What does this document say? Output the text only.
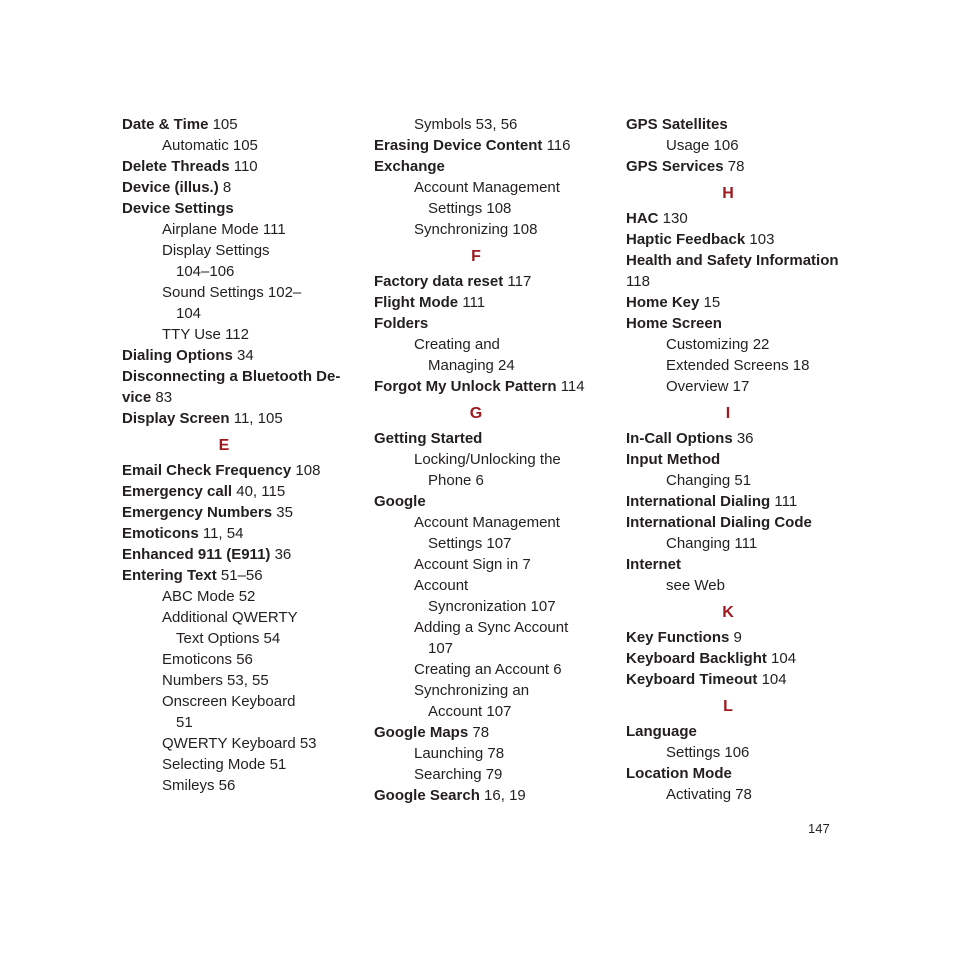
Date & Time 105
Automatic 105
Delete Threads 110
Device (illus.) 8
Device Settings
Airplane Mode 111
Display Settings
104–106
Sound Settings 102–
104
TTY Use 112
Dialing Options 34
Disconnecting a Bluetooth De-
vice 83
Display Screen 11, 105
E
Email Check Frequency 108
Emergency call 40, 115
Emergency Numbers 35
Emoticons 11, 54
Enhanced 911 (E911) 36
Entering Text 51–56
ABC Mode 52
Additional QWERTY
Text Options 54
Emoticons 56
Numbers 53, 55
Onscreen Keyboard
51
QWERTY Keyboard 53
Selecting Mode 51
Smileys 56
Symbols 53, 56
Erasing Device Content 116
Exchange
Account Management
Settings 108
Synchronizing 108
F
Factory data reset 117
Flight Mode 111
Folders
Creating and
Managing 24
Forgot My Unlock Pattern 114
G
Getting Started
Locking/Unlocking the
Phone 6
Google
Account Management
Settings 107
Account Sign in 7
Account
Syncronization 107
Adding a Sync Account
107
Creating an Account 6
Synchronizing an
Account 107
Google Maps 78
Launching 78
Searching 79
Google Search 16, 19
GPS Satellites
Usage 106
GPS Services 78
H
HAC 130
Haptic Feedback 103
Health and Safety Information
118
Home Key 15
Home Screen
Customizing 22
Extended Screens 18
Overview 17
I
In-Call Options 36
Input Method
Changing 51
International Dialing 111
International Dialing Code
Changing 111
Internet
see Web
K
Key Functions 9
Keyboard Backlight 104
Keyboard Timeout 104
L
Language
Settings 106
Location Mode
Activating 78
147
